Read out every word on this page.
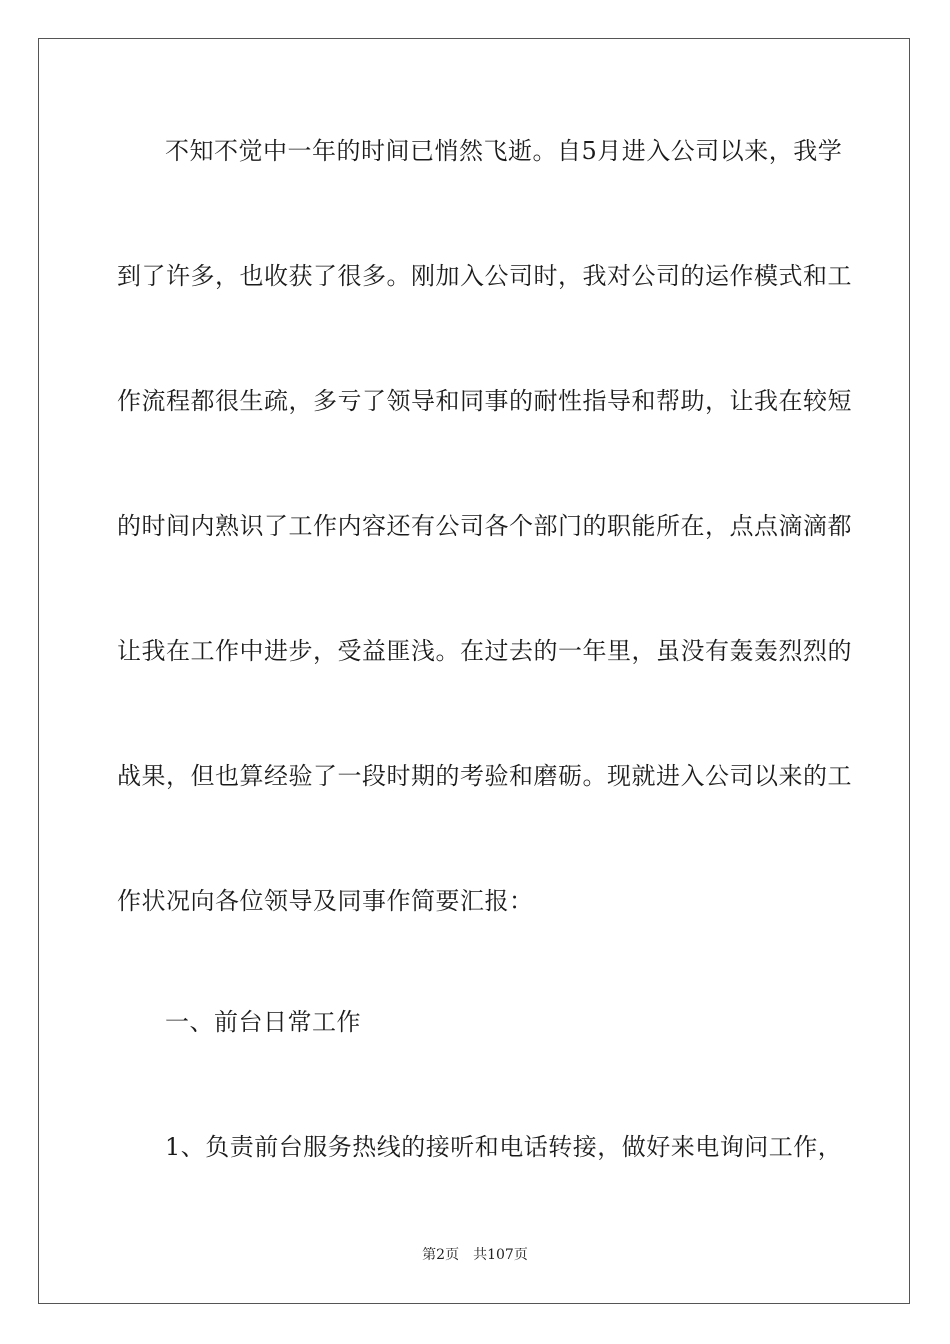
不知不觉中一年的时间已悄然飞逝。自5月进入公司以来，我学
到了许多，也收获了很多。刚加入公司时，我对公司的运作模式和工
作流程都很生疏，多亏了领导和同事的耐性指导和帮助，让我在较短
的时间内熟识了工作内容还有公司各个部门的职能所在，点点滴滴都
让我在工作中进步，受益匪浅。在过去的一年里，虽没有轰轰烈烈的
战果，但也算经验了一段时期的考验和磨砺。现就进入公司以来的工
作状况向各位领导及同事作简要汇报：
一、前台日常工作
1、负责前台服务热线的接听和电话转接，做好来电询问工作，
第2页 共107页
